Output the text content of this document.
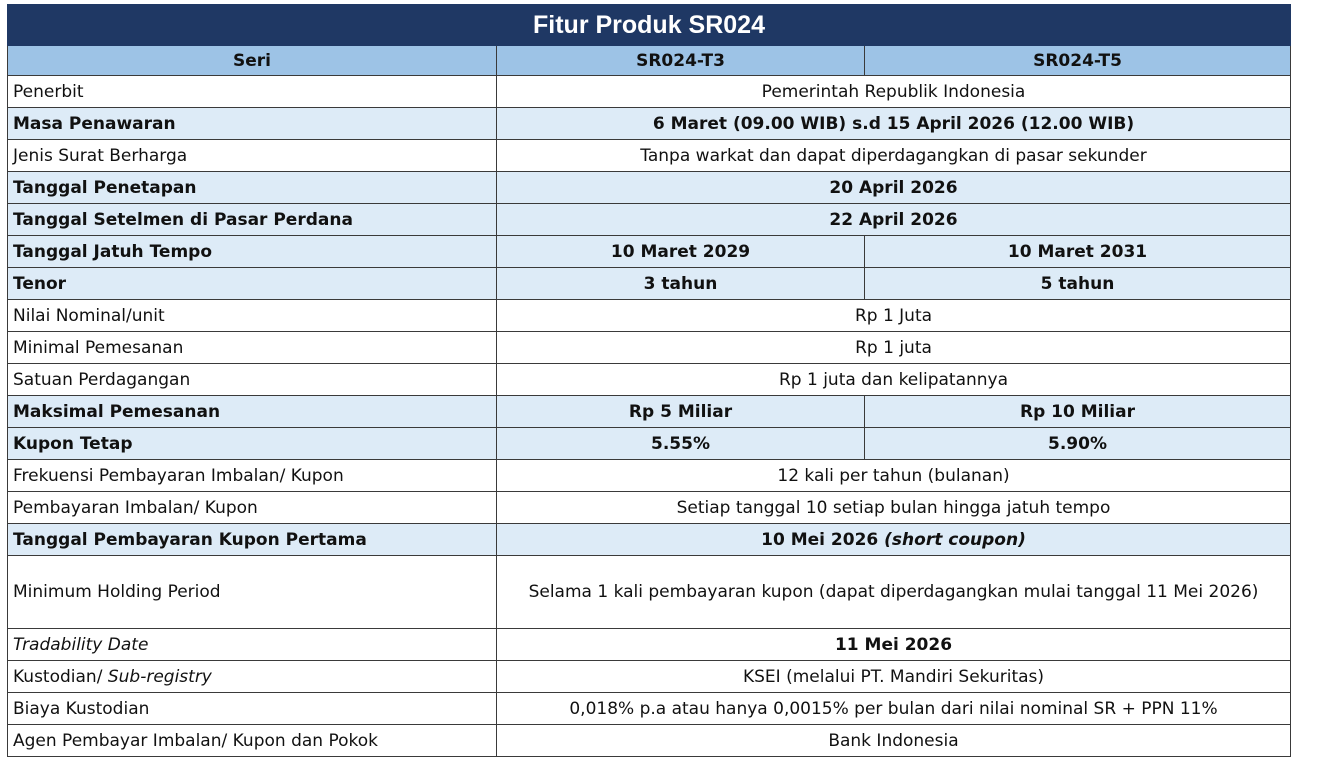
Fitur Produk SR024		
Seri	SR024-T3	SR024-T5
Penerbit	Pemerintah Republik Indonesia	
Masa Penawaran	6 Maret (09.00 WIB) s.d 15 April 2026 (12.00 WIB)	
Jenis Surat Berharga	Tanpa warkat dan dapat diperdagangkan di pasar sekunder	
Tanggal Penetapan	20 April 2026	
Tanggal Setelmen di Pasar Perdana	22 April 2026	
Tanggal Jatuh Tempo	10 Maret 2029	10 Maret 2031
Tenor	3 tahun	5 tahun
Nilai Nominal/unit	Rp 1 Juta	
Minimal Pemesanan	Rp 1 juta	
Satuan Perdagangan	Rp 1 juta dan kelipatannya	
Maksimal Pemesanan	Rp 5 Miliar	Rp 10 Miliar
Kupon Tetap	5.55%	5.90%
Frekuensi Pembayaran Imbalan/ Kupon	12 kali per tahun (bulanan)	
Pembayaran Imbalan/ Kupon	Setiap tanggal 10 setiap bulan hingga jatuh tempo	
Tanggal Pembayaran Kupon Pertama	10 Mei 2026 (short coupon)	
Minimum Holding Period	Selama 1 kali pembayaran kupon (dapat diperdagangkan mulai tanggal 11 Mei 2026)	
Tradability Date	11 Mei 2026	
Kustodian/ Sub-registry	KSEI (melalui PT. Mandiri Sekuritas)	
Biaya Kustodian	0,018% p.a atau hanya 0,0015% per bulan dari nilai nominal SR + PPN 11%	
Agen Pembayar Imbalan/ Kupon dan Pokok	Bank Indonesia	
